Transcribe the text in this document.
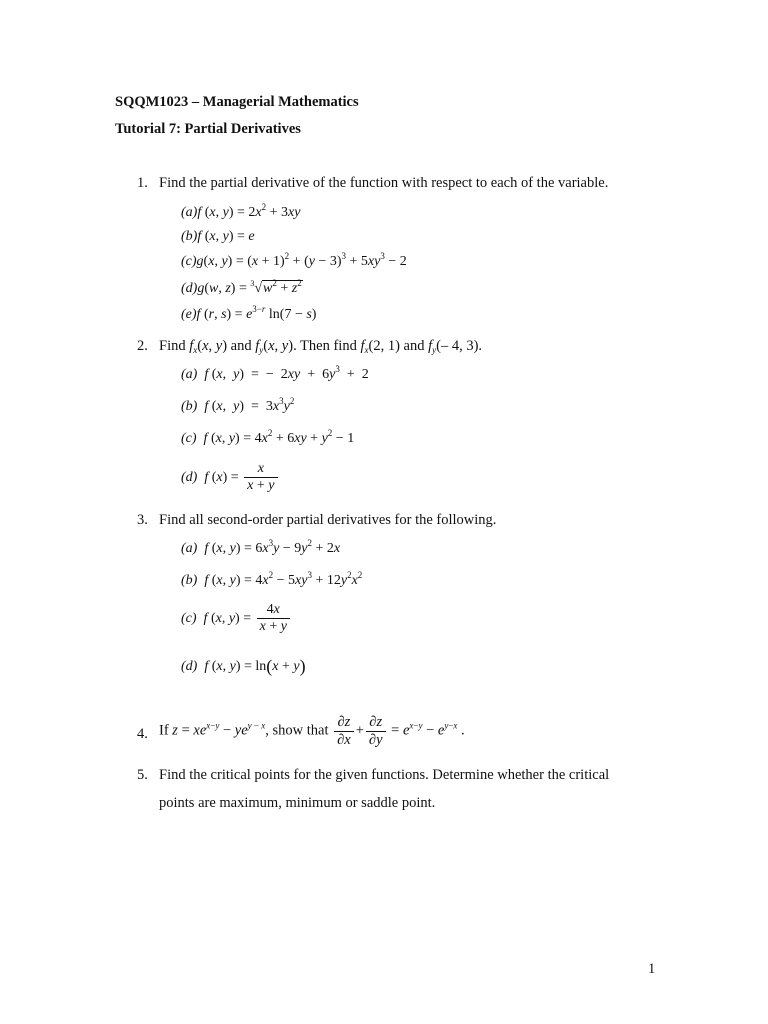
SQQM1023 – Managerial Mathematics
Tutorial 7: Partial Derivatives
1. Find the partial derivative of the function with respect to each of the variable.
(a)f (x, $y) = 2x^2 + 3xy$
(b)f (x, y) = e
(c)g(x, $y) = (x + 1)^2 + (y - 3)^3 + 5xy^3 - 2$
(d)g(w, $z) = ^3√w^2 + z^2$
(e)f (r, $s) = e^{3-r}$ ln(7 − s)
2. Find $f_x(x$, y) and $f_y(x$, y). Then find $f_x(2$, 1) and $f_y(-$ 4, 3).
(a) f (x,  y)  =  −  $2xy + 6y^3 + 2$
(b) f (x,  $y) = 3x^3y^2$
(c) f (x, $y) = 4x^2 + 6xy + y^2 - 1$
(d) f $(x) = \frac{x}{x + y}$
3. Find all second-order partial derivatives for the following.
(a) f (x, $y) = 6x^3y - 9y^2 + 2x$
(b) f (x, $y) = 4x^2 - 5xy^3 + 12y^2x^2$
(c) f (x, $y) = \frac{4x}{x + y}$
(d) f (x, y) = ln(x + y)
4. If $z = xe^{x-y} - ye^{y - x}$, show that $\frac{\partial z}{\partial x} + \frac{\partial z}{\partial y} = e^{x-y} - e^{y-x}$ .
5. Find the critical points for the given functions. Determine whether the critical
points are maximum, minimum or saddle point.
1
